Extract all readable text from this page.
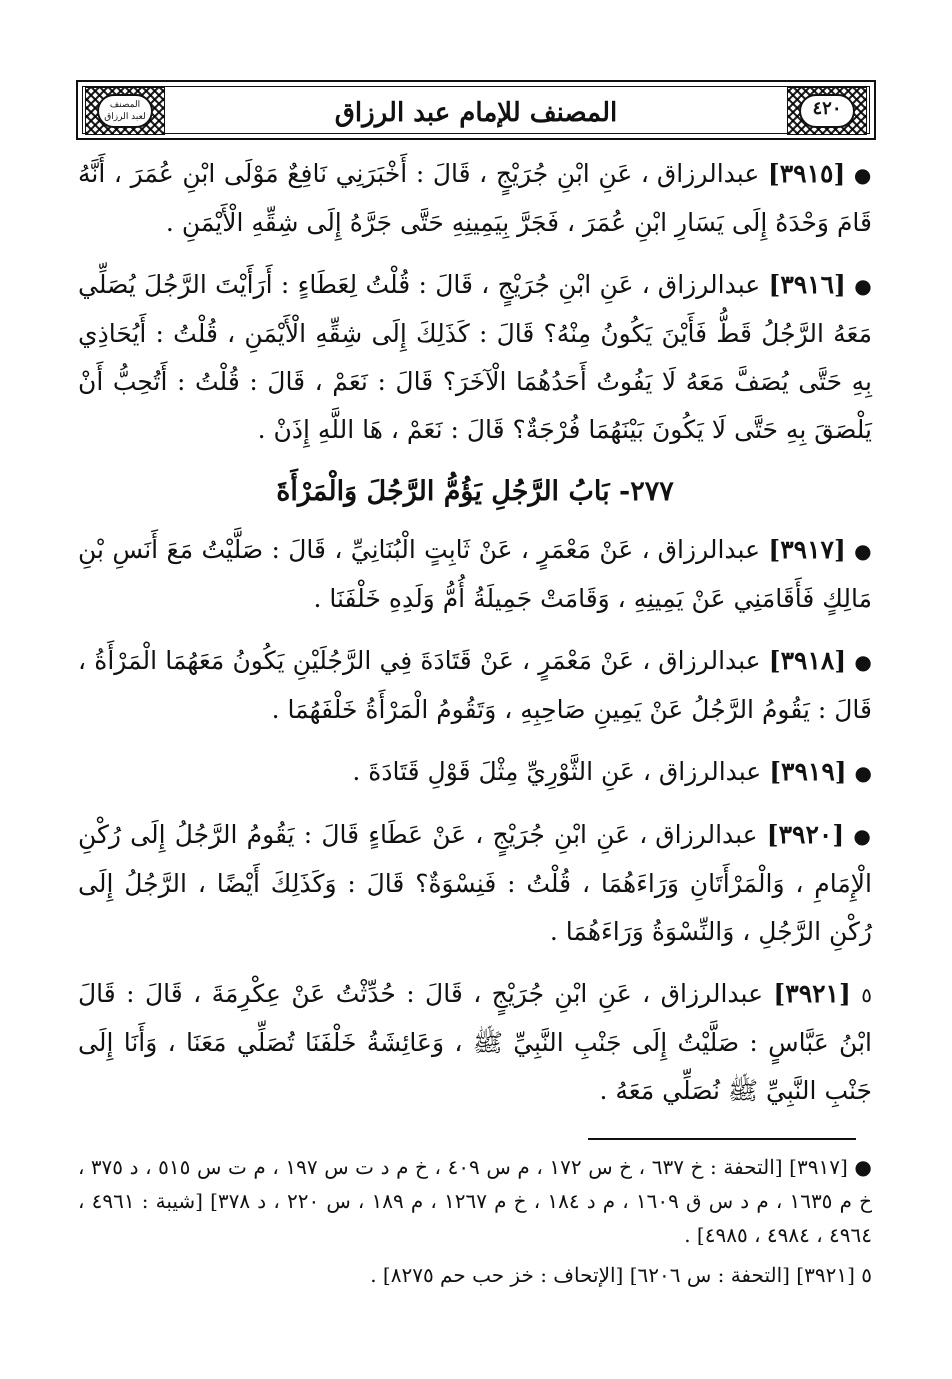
المصنف
لعبد الرزاق	المصنف للإمام عبد الرزاق	٤٢٠

● [٣٩١٥] عبدالرزاق ، عَنِ ابْنِ جُرَيْجٍ ، قَالَ : أَخْبَرَنِي نَافِعٌ مَوْلَى ابْنِ عُمَرَ ، أَنَّهُ قَامَ وَحْدَهُ إِلَى يَسَارِ ابْنِ عُمَرَ ، فَجَرَّ بِيَمِينِهِ حَتَّى جَرَّهُ إِلَى شِقِّهِ الْأَيْمَنِ .

● [٣٩١٦] عبدالرزاق ، عَنِ ابْنِ جُرَيْجٍ ، قَالَ : قُلْتُ لِعَطَاءٍ : أَرَأَيْتَ الرَّجُلَ يُصَلِّي مَعَهُ الرَّجُلُ قَطُّ فَأَيْنَ يَكُونُ مِنْهُ؟ قَالَ : كَذَلِكَ إِلَى شِقِّهِ الْأَيْمَنِ ، قُلْتُ : أَيُحَاذِي بِهِ حَتَّى يُصَفَّ مَعَهُ لَا يَفُوتُ أَحَدُهُمَا الْآخَرَ؟ قَالَ : نَعَمْ ، قَالَ : قُلْتُ : أَتُحِبُّ أَنْ يَلْصَقَ بِهِ حَتَّى لَا يَكُونَ بَيْنَهُمَا فُرْجَةٌ؟ قَالَ : نَعَمْ ، هَا اللَّهِ إِذَنْ .

٢٧٧- بَابُ الرَّجُلِ يَؤُمُّ الرَّجُلَ وَالْمَرْأَةَ

● [٣٩١٧] عبدالرزاق ، عَنْ مَعْمَرٍ ، عَنْ ثَابِتٍ الْبُنَانِيِّ ، قَالَ : صَلَّيْتُ مَعَ أَنَسِ بْنِ مَالِكٍ فَأَقَامَنِي عَنْ يَمِينِهِ ، وَقَامَتْ جَمِيلَةُ أُمُّ وَلَدِهِ خَلْفَنَا .

● [٣٩١٨] عبدالرزاق ، عَنْ مَعْمَرٍ ، عَنْ قَتَادَةَ فِي الرَّجُلَيْنِ يَكُونُ مَعَهُمَا الْمَرْأَةُ ، قَالَ : يَقُومُ الرَّجُلُ عَنْ يَمِينِ صَاحِبِهِ ، وَتَقُومُ الْمَرْأَةُ خَلْفَهُمَا .

● [٣٩١٩] عبدالرزاق ، عَنِ الثَّوْرِيِّ مِثْلَ قَوْلِ قَتَادَةَ .

● [٣٩٢٠] عبدالرزاق ، عَنِ ابْنِ جُرَيْجٍ ، عَنْ عَطَاءٍ قَالَ : يَقُومُ الرَّجُلُ إِلَى رُكْنِ الْإِمَامِ ، وَالْمَرْأَتَانِ وَرَاءَهُمَا ، قُلْتُ : فَنِسْوَةٌ؟ قَالَ : وَكَذَلِكَ أَيْضًا ، الرَّجُلُ إِلَى رُكْنِ الرَّجُلِ ، وَالنِّسْوَةُ وَرَاءَهُمَا .

٥ [٣٩٢١] عبدالرزاق ، عَنِ ابْنِ جُرَيْجٍ ، قَالَ : حُدِّثْتُ عَنْ عِكْرِمَةَ ، قَالَ : قَالَ ابْنُ عَبَّاسٍ : صَلَّيْتُ إِلَى جَنْبِ النَّبِيِّ ﷺ ، وَعَائِشَةُ خَلْفَنَا تُصَلِّي مَعَنَا ، وَأَنَا إِلَى جَنْبِ النَّبِيِّ ﷺ نُصَلِّي مَعَهُ .

● [٣٩١٧] [التحفة : خ ٦٣٧ ، خ س ١٧٢ ، م س ٤٠٩ ، خ م د ت س ١٩٧ ، م ت س ٥١٥ ، د ٣٧٥ ، خ م ١٦٣٥ ، م د س ق ١٦٠٩ ، م د ١٨٤ ، خ م ١٢٦٧ ، م ١٨٩ ، س ٢٢٠ ، د ٣٧٨] [شيبة : ٤٩٦١ ، ٤٩٦٤ ، ٤٩٨٤ ، ٤٩٨٥] .

٥ [٣٩٢١] [التحفة : س ٦٢٠٦] [الإتحاف : خز حب حم ٨٢٧٥] .
